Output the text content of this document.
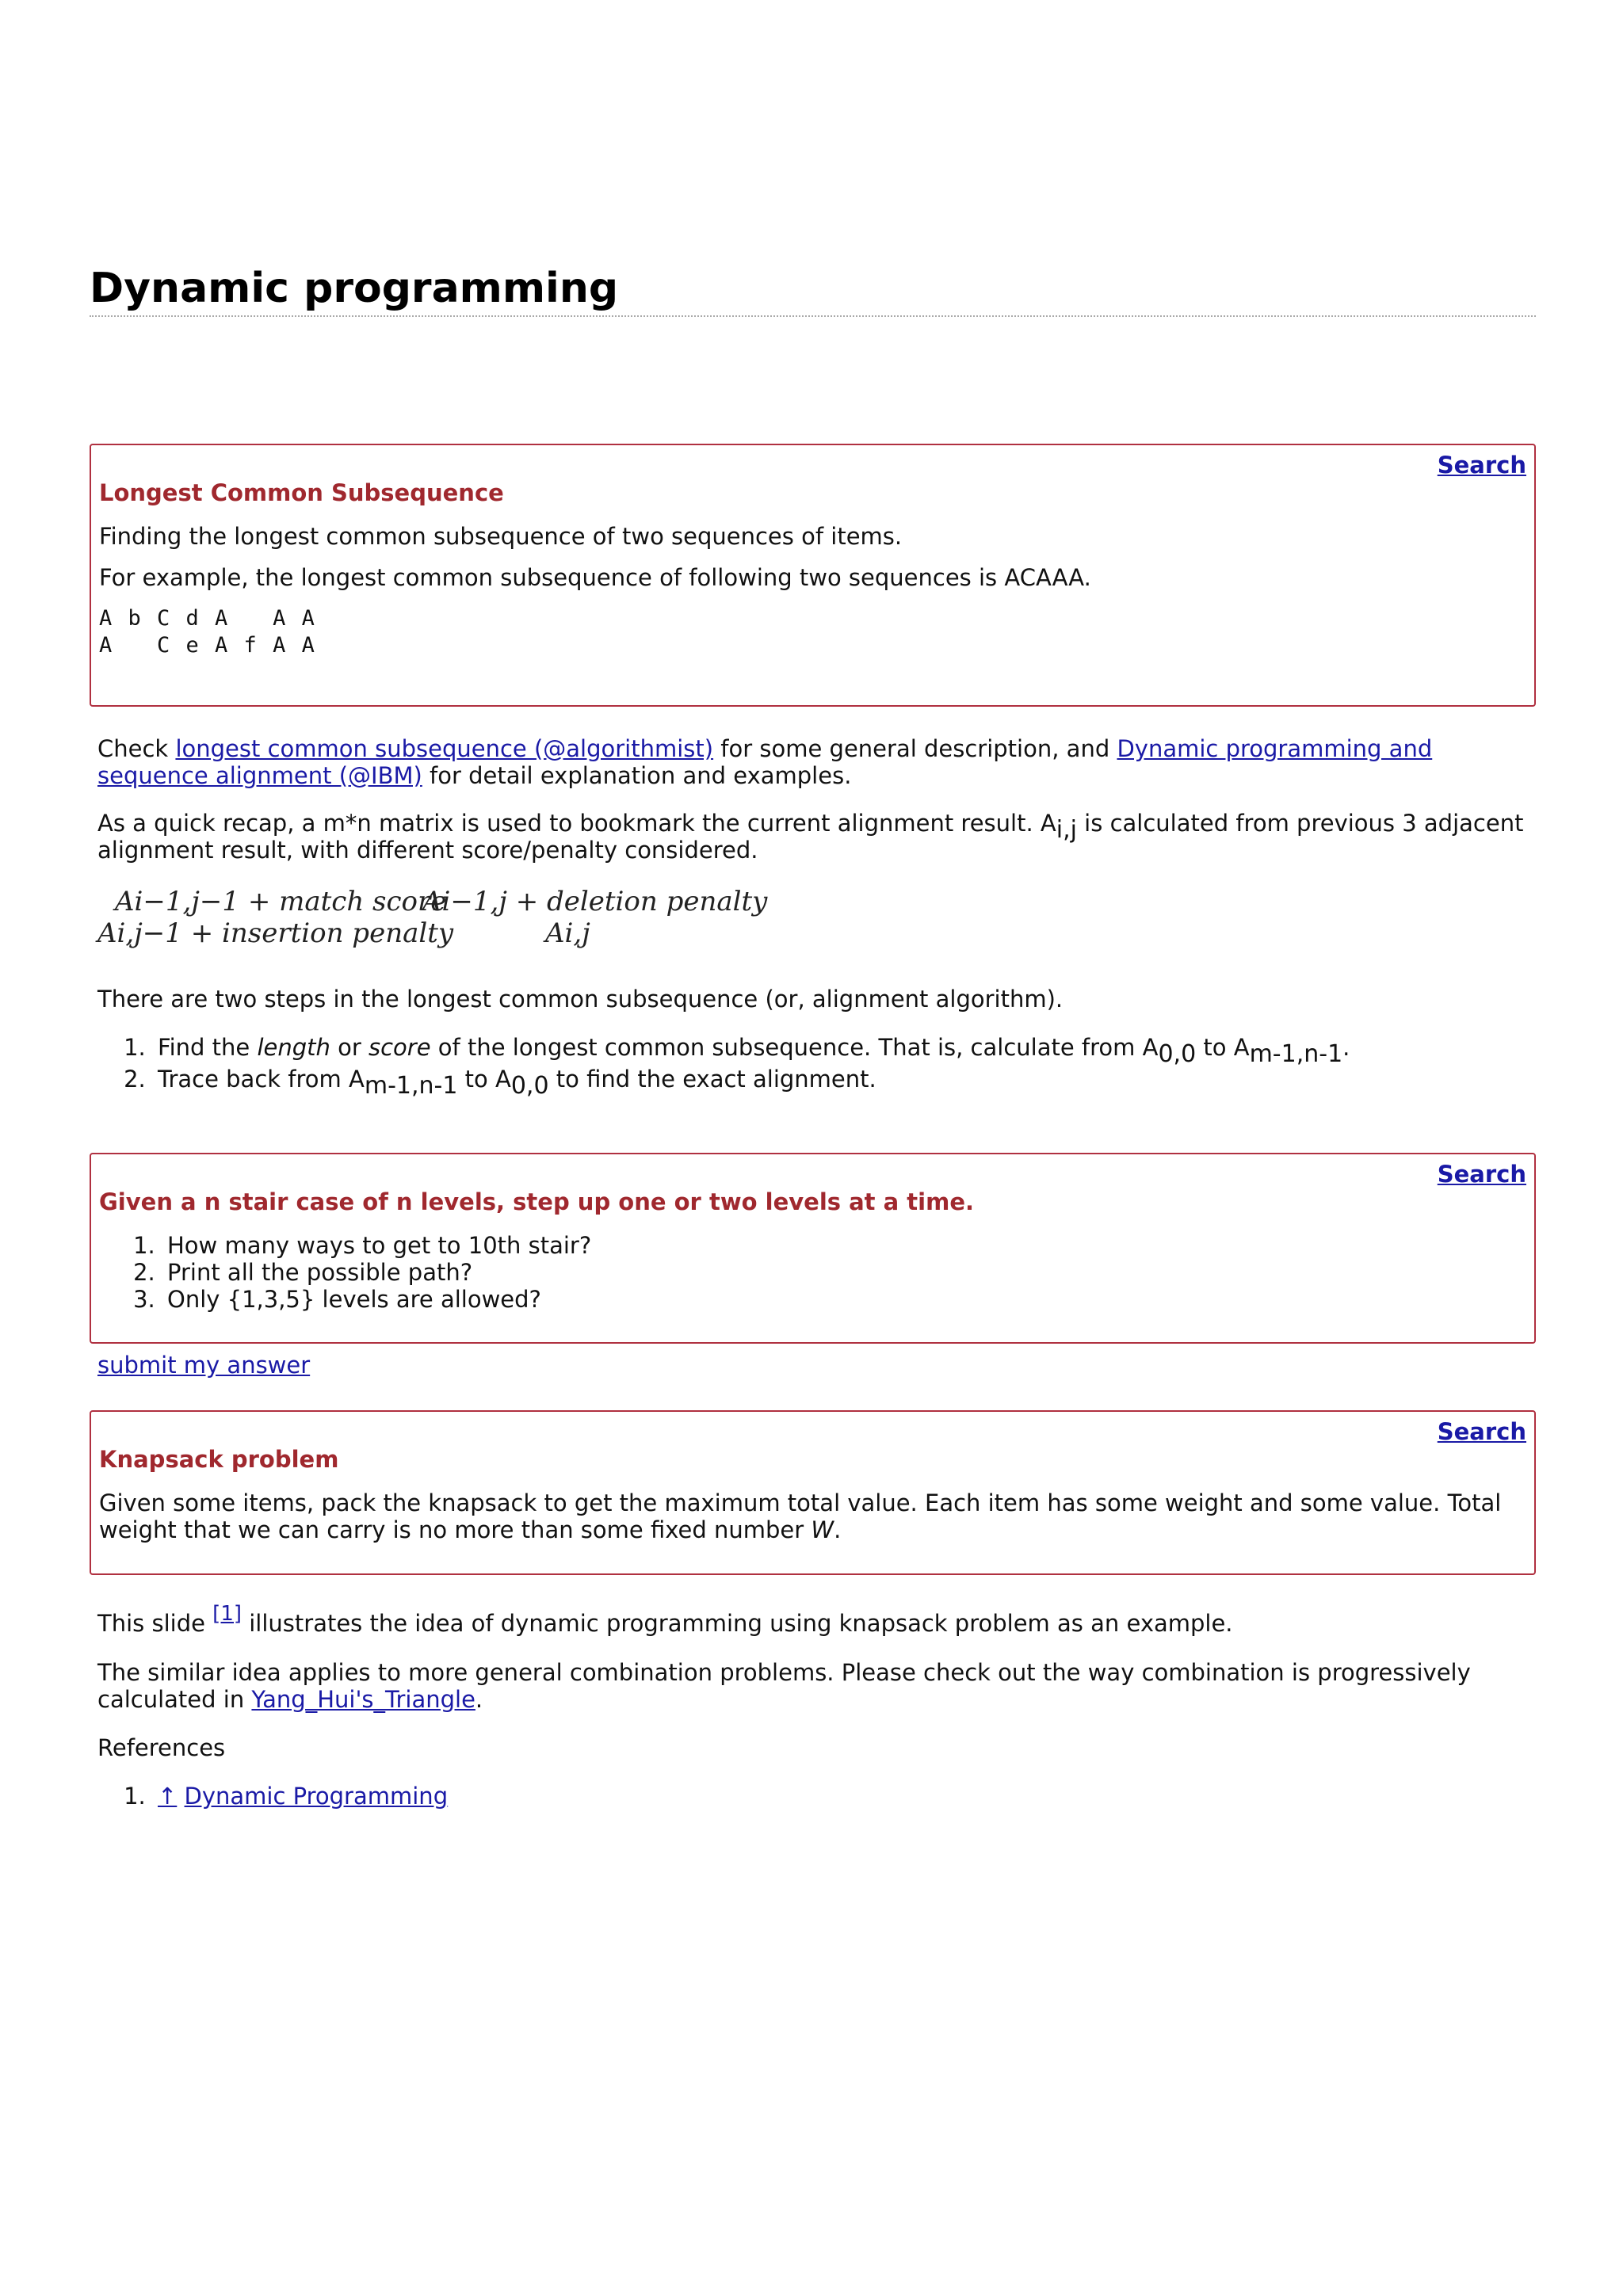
Dynamic programming
Search
Longest Common Subsequence

Finding the longest common subsequence of two sequences of items.

For example, the longest common subsequence of following two sequences is ACAAA.

A b C d A   A A
A   C e A f A A
Check longest common subsequence (@algorithmist) for some general description, and Dynamic programming and sequence alignment (@IBM) for detail explanation and examples.
As a quick recap, a m*n matrix is used to bookmark the current alignment result. $A_{i,j}$ is calculated from previous 3 adjacent alignment result, with different score/penalty considered.
Ai−1,j−1 + match score
Ai−1,j + deletion penalty
Ai,j−1 + insertion penalty	Ai,j
There are two steps in the longest common subsequence (or, alignment algorithm).
1. Find the length or score of the longest common subsequence. That is, calculate from $A_{0,0}$ to $A_{m-1,n-1}$.
2. Trace back from $A_{m-1,n-1}$ to $A_{0,0}$ to find the exact alignment.
Search
Given a n stair case of n levels, step up one or two levels at a time.
1. How many ways to get to 10th stair?
2. Print all the possible path?
3. Only {1,3,5} levels are allowed?
submit my answer
Search
Knapsack problem

Given some items, pack the knapsack to get the maximum total value. Each item has some weight and some value. Total weight that we can carry is no more than some fixed number W.

This slide [1] illustrates the idea of dynamic programming using knapsack problem as an example.
The similar idea applies to more general combination problems. Please check out the way combination is progressively calculated in Yang_Hui's_Triangle.
References
1. ↑ Dynamic Programming
